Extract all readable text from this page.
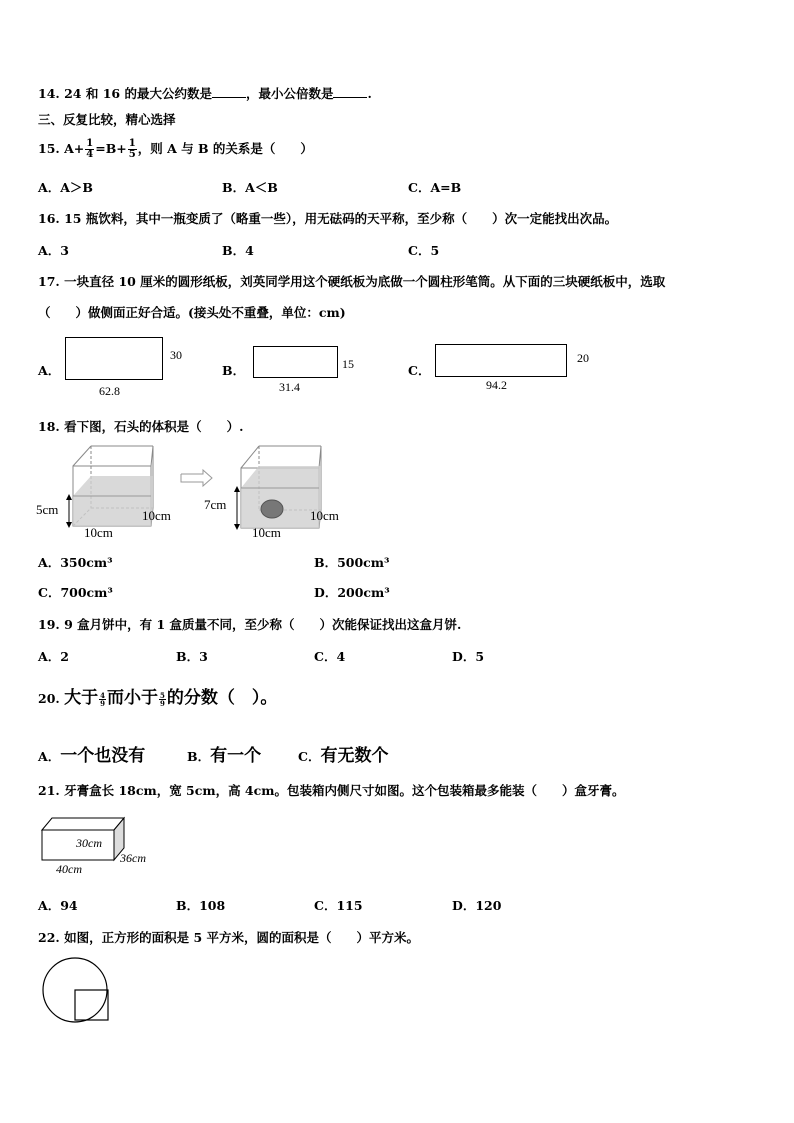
14. 24 和 16 的最大公约数是	，最小公倍数是	.
三、反复比较，精心选择
15. $A+ \frac{1}{4} =B+ \frac{1}{5}$ ，则 A 与 B 的关系是（　　）
A．A＞B	B．A＜B	C．A=B
16. 15 瓶饮料，其中一瓶变质了（略重一些），用无砝码的天平称，至少称（　　）次一定能找出次品。
A．3	B．4	C．5
17. 一块直径 10 厘米的圆形纸板，刘英同学用这个硬纸板为底做一个圆柱形笔筒。从下面的三块硬纸板中，选取
（　　）做侧面正好合适。(接头处不重叠，单位：cm)
A．
30
62.8
B．	15
31.4
C．
20
94.2
18. 看下图，石头的体积是（　　）.
5cm
10cm
10cm
7cm
10cm
10cm
A．350cm³	B．500cm³
C．700cm³	D．200cm³
19. 9 盒月饼中，有 1 盒质量不同，至少称（　　）次能保证找出这盒月饼.
A．2	B．3	C．4	D．5
20. 大于 $\frac{4}{9}$ 而小于 $\frac{5}{9}$ 的分数（　）。
A．一个也没有	B．有一个	C．有无数个
21. 牙膏盒长 18cm，宽 5cm，高 4cm。包装箱内侧尺寸如图。这个包装箱最多能装（　　）盒牙膏。
30cm
36cm
40cm
A．94	B．108	C．115	D．120
22. 如图，正方形的面积是 5 平方米，圆的面积是（　　）平方米。
